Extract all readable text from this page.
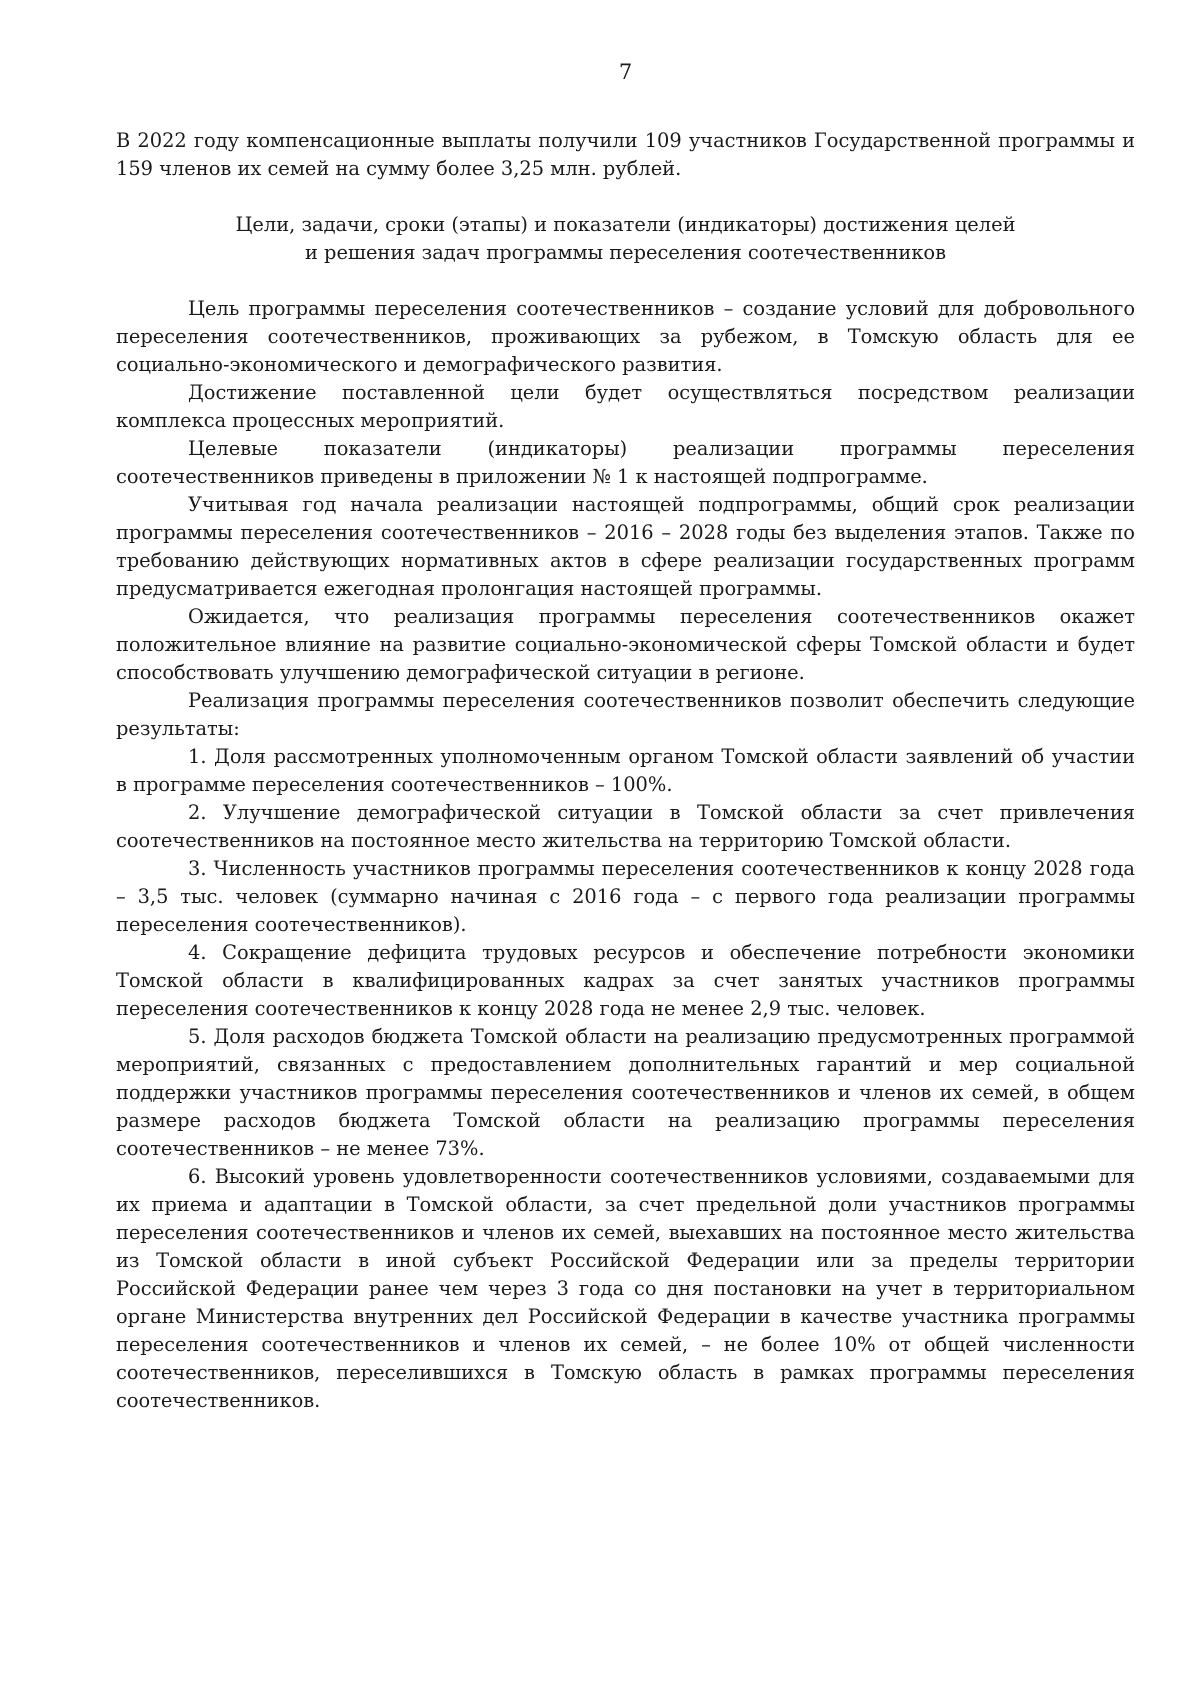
7

В 2022 году компенсационные выплаты получили 109 участников Государственной программы и 159 членов их семей на сумму более 3,25 млн. рублей.

Цели, задачи, сроки (этапы) и показатели (индикаторы) достижения целей
и решения задач программы переселения соотечественников

Цель программы переселения соотечественников – создание условий для добровольного переселения соотечественников, проживающих за рубежом, в Томскую область для ее социально-экономического и демографического развития.

Достижение поставленной цели будет осуществляться посредством реализации комплекса процессных мероприятий.

Целевые показатели (индикаторы) реализации программы переселения соотечественников приведены в приложении № 1 к настоящей подпрограмме.

Учитывая год начала реализации настоящей подпрограммы, общий срок реализации программы переселения соотечественников – 2016 – 2028 годы без выделения этапов. Также по требованию действующих нормативных актов в сфере реализации государственных программ предусматривается ежегодная пролонгация настоящей программы.

Ожидается, что реализация программы переселения соотечественников окажет положительное влияние на развитие социально-экономической сферы Томской области и будет способствовать улучшению демографической ситуации в регионе.

Реализация программы переселения соотечественников позволит обеспечить следующие результаты:

1. Доля рассмотренных уполномоченным органом Томской области заявлений об участии в программе переселения соотечественников – 100%.

2. Улучшение демографической ситуации в Томской области за счет привлечения соотечественников на постоянное место жительства на территорию Томской области.

3. Численность участников программы переселения соотечественников к концу 2028 года – 3,5 тыс. человек (суммарно начиная с 2016 года – с первого года реализации программы переселения соотечественников).

4. Сокращение дефицита трудовых ресурсов и обеспечение потребности экономики Томской области в квалифицированных кадрах за счет занятых участников программы переселения соотечественников к концу 2028 года не менее 2,9 тыс. человек.

5. Доля расходов бюджета Томской области на реализацию предусмотренных программой мероприятий, связанных с предоставлением дополнительных гарантий и мер социальной поддержки участников программы переселения соотечественников и членов их семей, в общем размере расходов бюджета Томской области на реализацию программы переселения соотечественников – не менее 73%.

6. Высокий уровень удовлетворенности соотечественников условиями, создаваемыми для их приема и адаптации в Томской области, за счет предельной доли участников программы переселения соотечественников и членов их семей, выехавших на постоянное место жительства из Томской области в иной субъект Российской Федерации или за пределы территории Российской Федерации ранее чем через 3 года со дня постановки на учет в территориальном органе Министерства внутренних дел Российской Федерации в качестве участника программы переселения соотечественников и членов их семей, – не более 10% от общей численности соотечественников, переселившихся в Томскую область в рамках программы переселения соотечественников.
